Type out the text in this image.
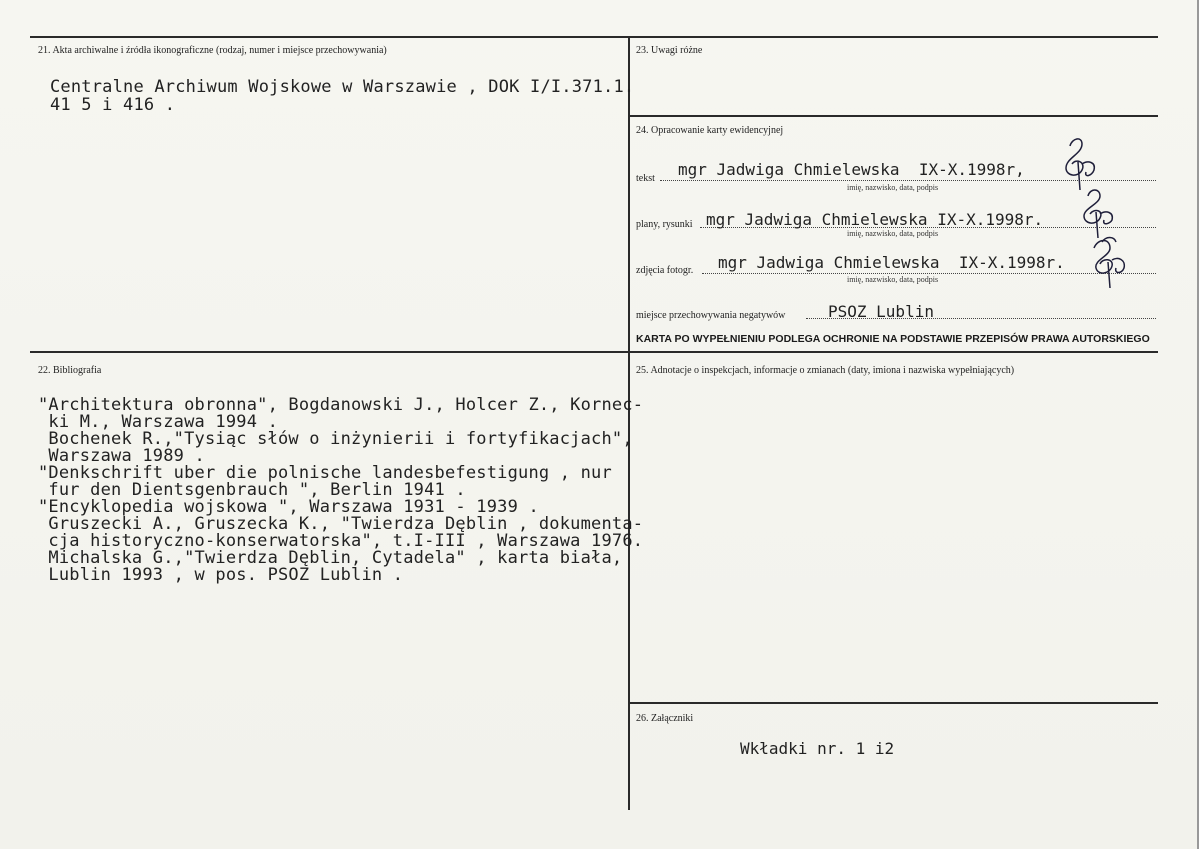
21. Akta archiwalne i źródła ikonograficzne (rodzaj, numer i miejsce przechowywania)
Centralne Archiwum Wojskowe w Warszawie , DOK I/I.371.1.
41 5 i 416 .
23. Uwagi różne
24. Opracowanie karty ewidencyjnej
tekst mgr Jadwiga Chmielewska  IX-X.1998r,
imię, nazwisko, data, podpis
plany, rysunki mgr Jadwiga Chmielewska IX-X.1998r.
imię, nazwisko, data, podpis
zdjęcia fotogr. mgr Jadwiga Chmielewska  IX-X.1998r.
imię, nazwisko, data, podpis
miejsce przechowywania negatywów	PSOZ Lublin
KARTA PO WYPEŁNIENIU PODLEGA OCHRONIE NA PODSTAWIE PRZEPISÓW PRAWA AUTORSKIEGO
22. Bibliografia
"Architektura obronna", Bogdanowski J., Holcer Z., Kornec-
ki M., Warszawa 1994 .
Bochenek R.,"Tysiąc słów o inżynierii i fortyfikacjach",
Warszawa 1989 .
"Denkschrift uber die polnische landesbefestigung , nur
fur den Dientsgenbrauch ", Berlin 1941 .
"Encyklopedia wojskowa ", Warszawa 1931 - 1939 .
Gruszecki A., Gruszecka K., "Twierdza Dęblin , dokumenta-
cja historyczno-konserwatorska", t.I-III , Warszawa 1976.
Michalska G.,"Twierdza Dęblin, Cytadela" , karta biała,
Lublin 1993 , w pos. PSOZ Lublin .
25. Adnotacje o inspekcjach, informacje o zmianach (daty, imiona i nazwiska wypełniających)
26. Załączniki
Wkładki nr. 1 i2
